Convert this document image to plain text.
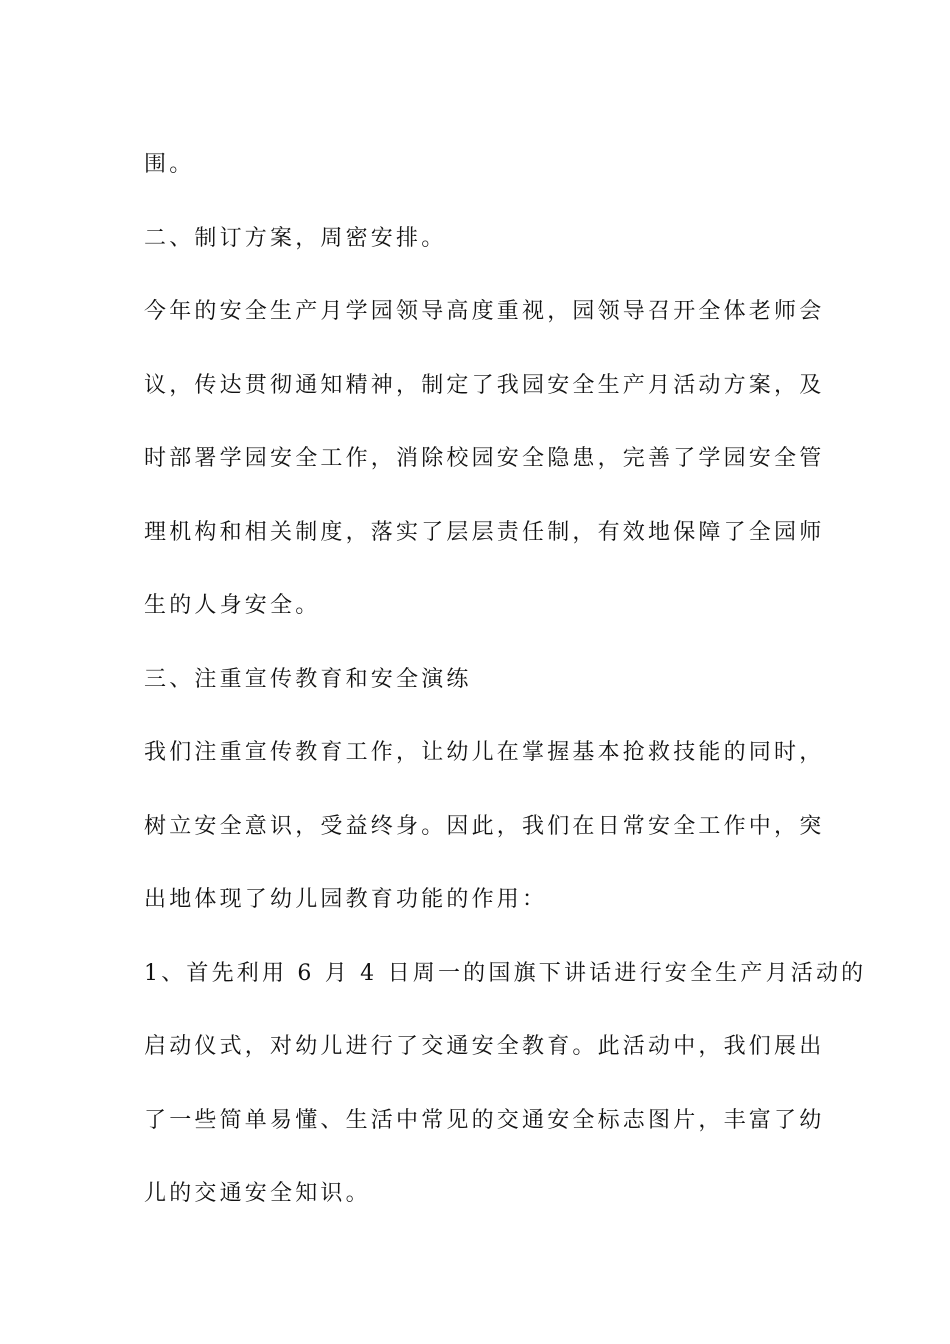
围。
二、制订方案，周密安排。
今年的安全生产月学园领导高度重视，园领导召开全体老师会
议，传达贯彻通知精神，制定了我园安全生产月活动方案，及
时部署学园安全工作，消除校园安全隐患，完善了学园安全管
理机构和相关制度，落实了层层责任制，有效地保障了全园师
生的人身安全。
三、注重宣传教育和安全演练
我们注重宣传教育工作，让幼儿在掌握基本抢救技能的同时，
树立安全意识，受益终身。因此，我们在日常安全工作中，突
出地体现了幼儿园教育功能的作用：
1、首先利用 6 月 4 日周一的国旗下讲话进行安全生产月活动的
启动仪式，对幼儿进行了交通安全教育。此活动中，我们展出
了一些简单易懂、生活中常见的交通安全标志图片，丰富了幼
儿的交通安全知识。
